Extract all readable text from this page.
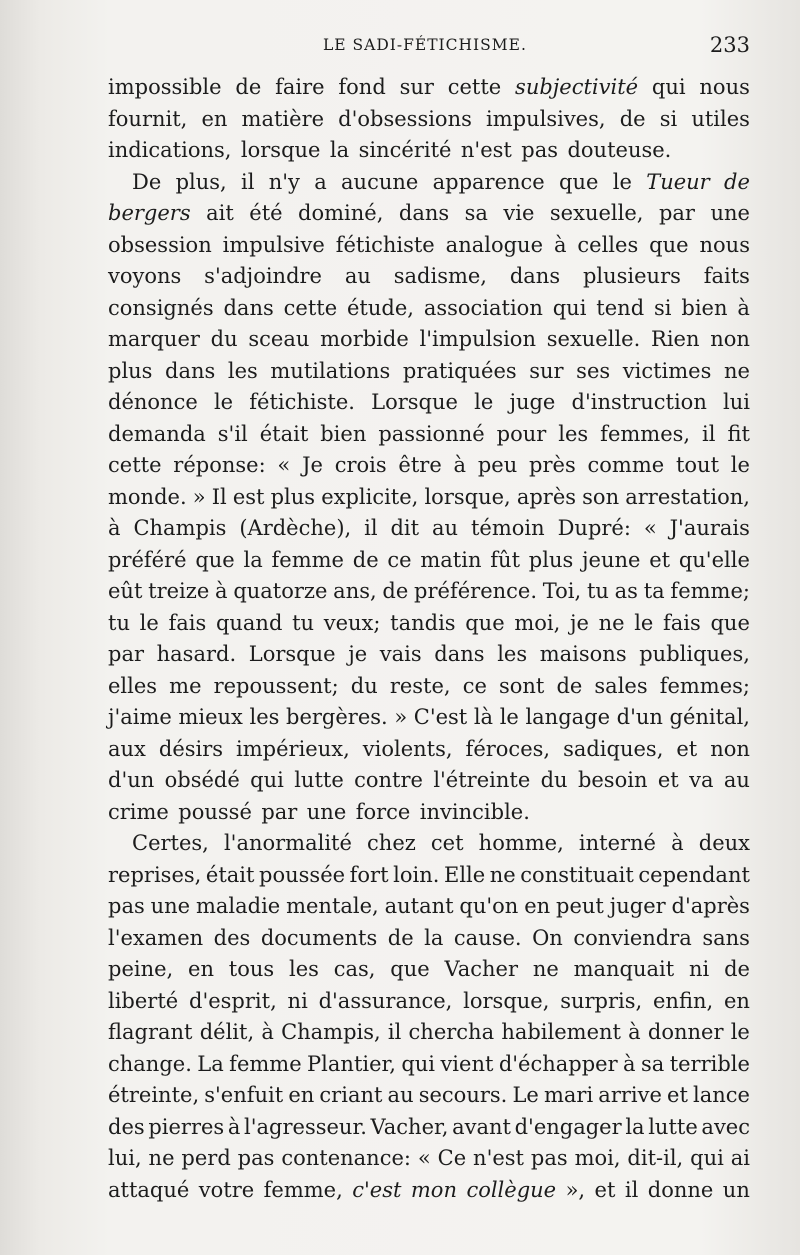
LE SADI-FÉTICHISME.	233
impossible de faire fond sur cette subjectivité qui nous
fournit, en matière d'obsessions impulsives, de si utiles
indications, lorsque la sincérité n'est pas douteuse.
De plus, il n'y a aucune apparence que le Tueur de
bergers ait été dominé, dans sa vie sexuelle, par une
obsession impulsive fétichiste analogue à celles que nous
voyons s'adjoindre au sadisme, dans plusieurs faits
consignés dans cette étude, association qui tend si bien à
marquer du sceau morbide l'impulsion sexuelle. Rien non
plus dans les mutilations pratiquées sur ses victimes ne
dénonce le fétichiste. Lorsque le juge d'instruction lui
demanda s'il était bien passionné pour les femmes, il fit
cette réponse: « Je crois être à peu près comme tout le
monde. » Il est plus explicite, lorsque, après son arrestation,
à Champis (Ardèche), il dit au témoin Dupré: « J'aurais
préféré que la femme de ce matin fût plus jeune et qu'elle
eût treize à quatorze ans, de préférence. Toi, tu as ta femme;
tu le fais quand tu veux; tandis que moi, je ne le fais que
par hasard. Lorsque je vais dans les maisons publiques,
elles me repoussent; du reste, ce sont de sales femmes;
j'aime mieux les bergères. » C'est là le langage d'un génital,
aux désirs impérieux, violents, féroces, sadiques, et non
d'un obsédé qui lutte contre l'étreinte du besoin et va au
crime poussé par une force invincible.
Certes, l'anormalité chez cet homme, interné à deux
reprises, était poussée fort loin. Elle ne constituait cependant
pas une maladie mentale, autant qu'on en peut juger d'après
l'examen des documents de la cause. On conviendra sans
peine, en tous les cas, que Vacher ne manquait ni de
liberté d'esprit, ni d'assurance, lorsque, surpris, enfin, en
flagrant délit, à Champis, il chercha habilement à donner le
change. La femme Plantier, qui vient d'échapper à sa terrible
étreinte, s'enfuit en criant au secours. Le mari arrive et lance
des pierres à l'agresseur. Vacher, avant d'engager la lutte avec
lui, ne perd pas contenance: « Ce n'est pas moi, dit-il, qui ai
attaqué votre femme, c'est mon collègue », et il donne un
